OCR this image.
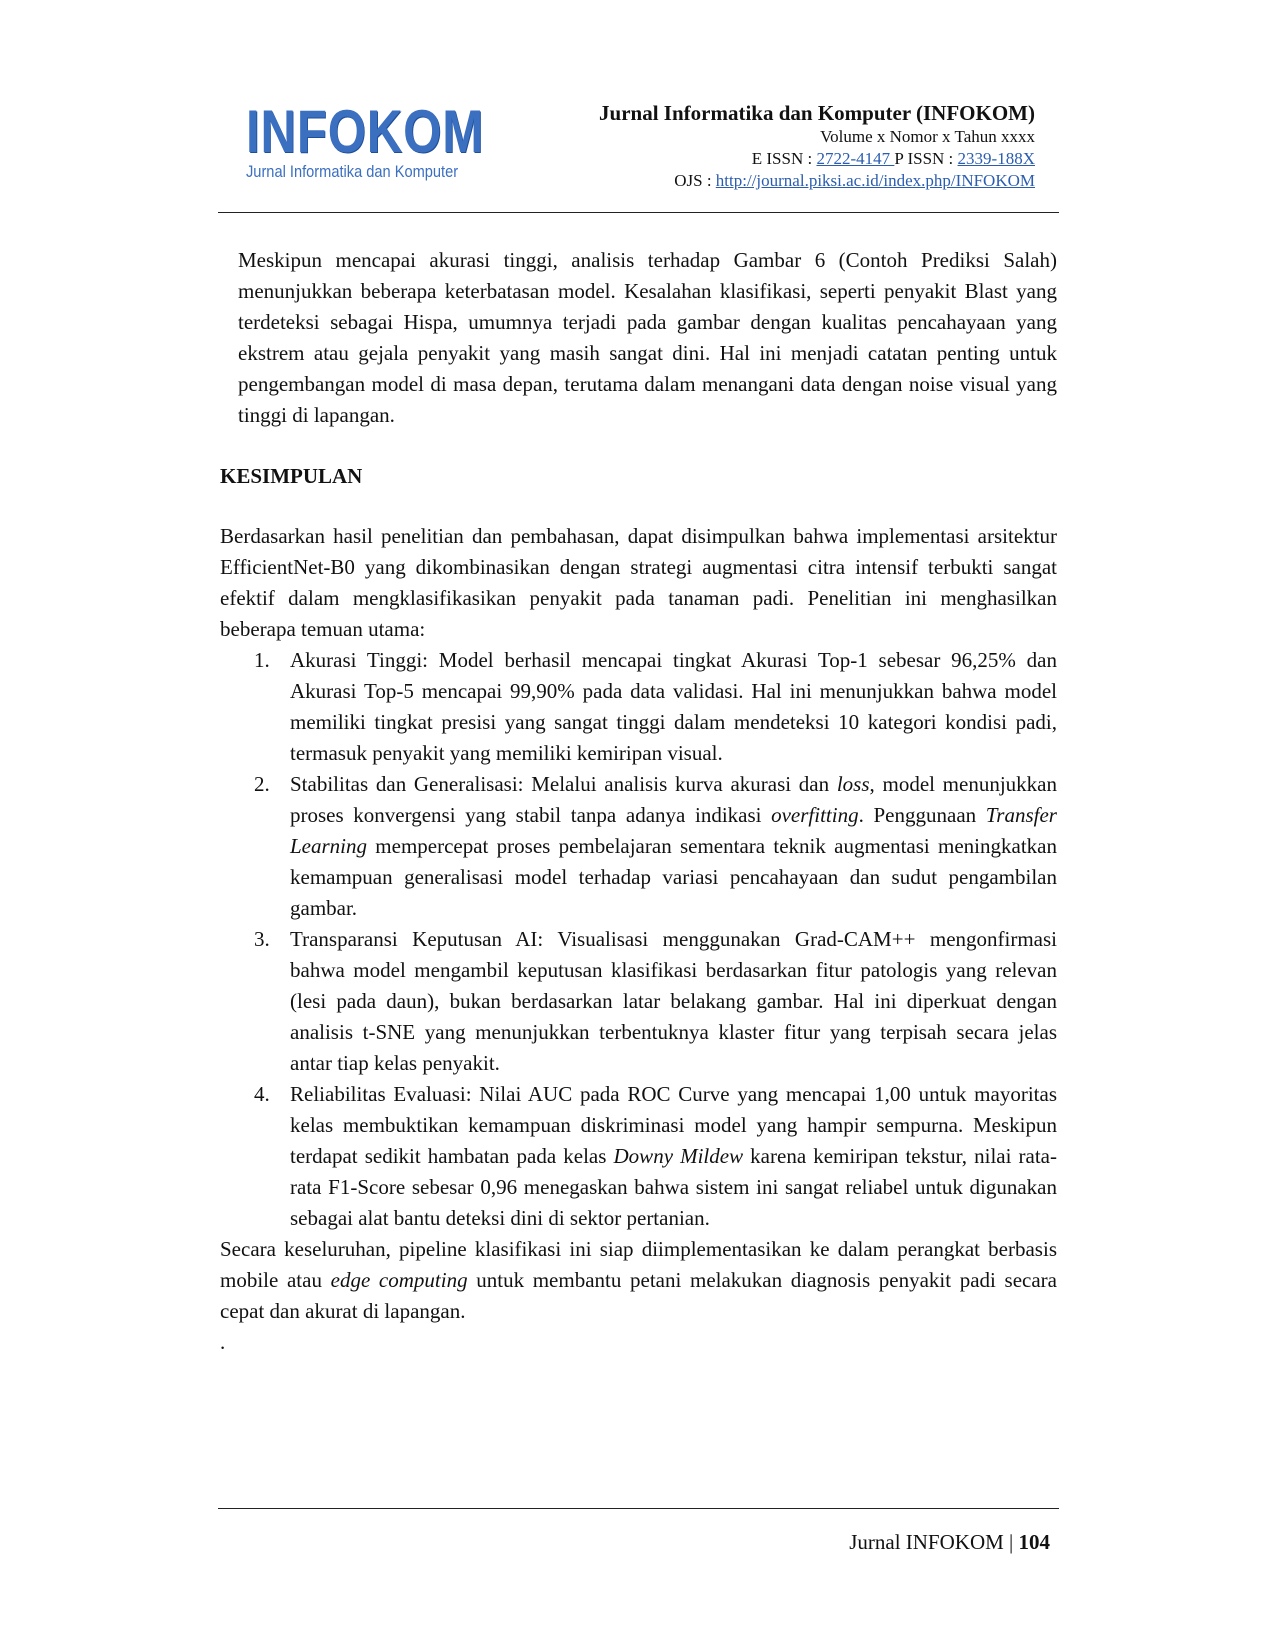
INFOKOM
Jurnal Informatika dan Komputer
Jurnal Informatika dan Komputer (INFOKOM)
Volume x Nomor x Tahun xxxx
E ISSN : 2722-4147 P ISSN : 2339-188X
OJS : http://journal.piksi.ac.id/index.php/INFOKOM

Meskipun mencapai akurasi tinggi, analisis terhadap Gambar 6 (Contoh Prediksi Salah) menunjukkan beberapa keterbatasan model. Kesalahan klasifikasi, seperti penyakit Blast yang terdeteksi sebagai Hispa, umumnya terjadi pada gambar dengan kualitas pencahayaan yang ekstrem atau gejala penyakit yang masih sangat dini. Hal ini menjadi catatan penting untuk pengembangan model di masa depan, terutama dalam menangani data dengan noise visual yang tinggi di lapangan.

KESIMPULAN

Berdasarkan hasil penelitian dan pembahasan, dapat disimpulkan bahwa implementasi arsitektur EfficientNet-B0 yang dikombinasikan dengan strategi augmentasi citra intensif terbukti sangat efektif dalam mengklasifikasikan penyakit pada tanaman padi. Penelitian ini menghasilkan beberapa temuan utama:

1. Akurasi Tinggi: Model berhasil mencapai tingkat Akurasi Top-1 sebesar 96,25% dan Akurasi Top-5 mencapai 99,90% pada data validasi. Hal ini menunjukkan bahwa model memiliki tingkat presisi yang sangat tinggi dalam mendeteksi 10 kategori kondisi padi, termasuk penyakit yang memiliki kemiripan visual.
2. Stabilitas dan Generalisasi: Melalui analisis kurva akurasi dan loss, model menunjukkan proses konvergensi yang stabil tanpa adanya indikasi overfitting. Penggunaan Transfer Learning mempercepat proses pembelajaran sementara teknik augmentasi meningkatkan kemampuan generalisasi model terhadap variasi pencahayaan dan sudut pengambilan gambar.
3. Transparansi Keputusan AI: Visualisasi menggunakan Grad-CAM++ mengonfirmasi bahwa model mengambil keputusan klasifikasi berdasarkan fitur patologis yang relevan (lesi pada daun), bukan berdasarkan latar belakang gambar. Hal ini diperkuat dengan analisis t-SNE yang menunjukkan terbentuknya klaster fitur yang terpisah secara jelas antar tiap kelas penyakit.
4. Reliabilitas Evaluasi: Nilai AUC pada ROC Curve yang mencapai 1,00 untuk mayoritas kelas membuktikan kemampuan diskriminasi model yang hampir sempurna. Meskipun terdapat sedikit hambatan pada kelas Downy Mildew karena kemiripan tekstur, nilai rata-rata F1-Score sebesar 0,96 menegaskan bahwa sistem ini sangat reliabel untuk digunakan sebagai alat bantu deteksi dini di sektor pertanian.

Secara keseluruhan, pipeline klasifikasi ini siap diimplementasikan ke dalam perangkat berbasis mobile atau edge computing untuk membantu petani melakukan diagnosis penyakit padi secara cepat dan akurat di lapangan.

.

Jurnal INFOKOM | 104
